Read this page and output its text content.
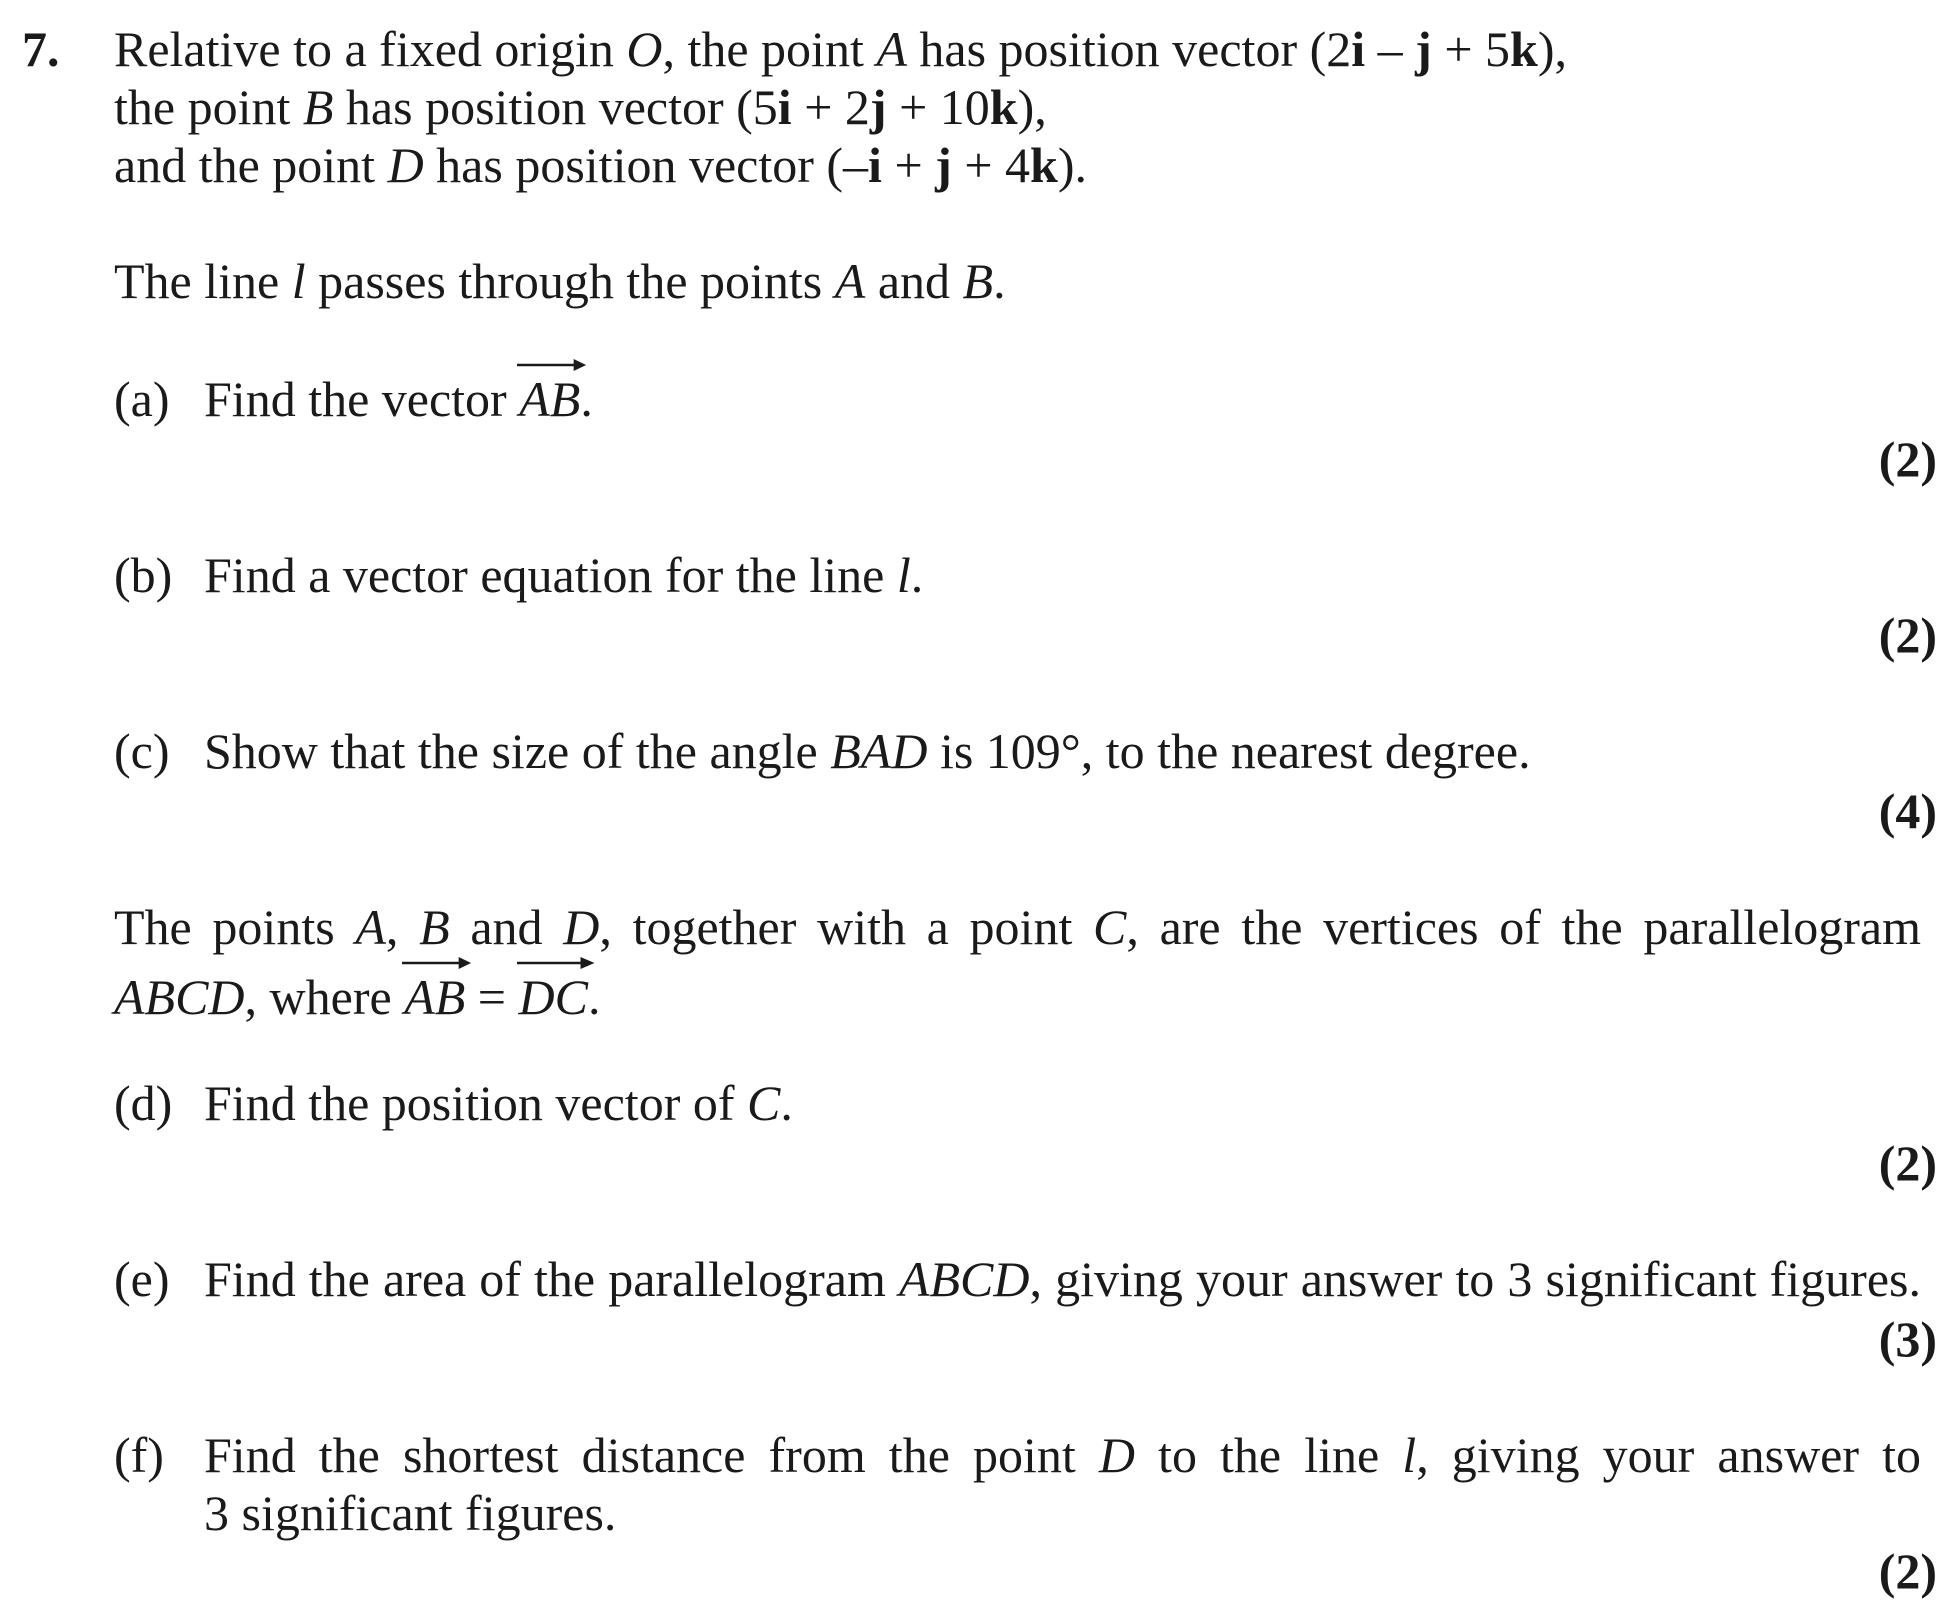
7. Relative to a fixed origin O, the point A has position vector (2i – j + 5k),
the point B has position vector (5i + 2j + 10k),
and the point D has position vector (–i + j + 4k).
The line l passes through the points A and B.
(a) Find the vector
AB.
(2)
(b) Find a vector equation for the line l.
(2)
(c) Show that the size of the angle BAD is 109°, to the nearest degree.
(4)
The points A, B and D, together with a point C, are the vertices of the parallelogram
ABCD, where
AB =
DC.
(d) Find the position vector of C.
(2)
(e) Find the area of the parallelogram ABCD, giving your answer to 3 significant figures.
(3)
(f) Find the shortest distance from the point D to the line l, giving your answer to
3 significant figures.
(2)
